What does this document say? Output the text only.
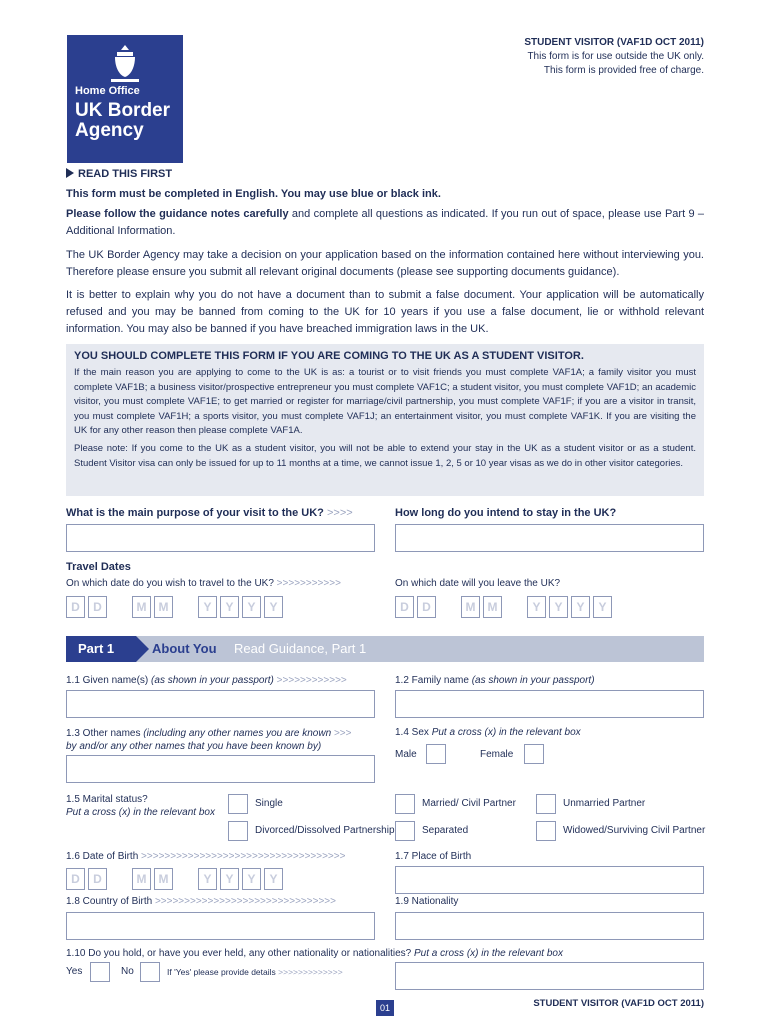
Home Office
UK Border
Agency
STUDENT VISITOR (VAF1D OCT 2011)
This form is for use outside the UK only.
This form is provided free of charge.
READ THIS FIRST
This form must be completed in English. You may use blue or black ink.
Please follow the guidance notes carefully and complete all questions as indicated. If you run out of space, please use Part 9 – Additional Information.
The UK Border Agency may take a decision on your application based on the information contained here without interviewing you. Therefore please ensure you submit all relevant original documents (please see supporting documents guidance).
It is better to explain why you do not have a document than to submit a false document. Your application will be automatically refused and you may be banned from coming to the UK for 10 years if you use a false document, lie or withhold relevant information. You may also be banned if you have breached immigration laws in the UK.
YOU SHOULD COMPLETE THIS FORM IF YOU ARE COMING TO THE UK AS A STUDENT VISITOR.
If the main reason you are applying to come to the UK is as: a tourist or to visit friends you must complete VAF1A; a family visitor you must complete VAF1B; a business visitor/prospective entrepreneur you must complete VAF1C; a student visitor, you must complete VAF1D; an academic visitor, you must complete VAF1E; to get married or register for marriage/civil partnership, you must complete VAF1F; if you are a visitor in transit, you must complete VAF1H; a sports visitor, you must complete VAF1J; an entertainment visitor, you must complete VAF1K. If you are visiting the UK for any other reason then please complete VAF1A.
Please note: If you come to the UK as a student visitor, you will not be able to extend your stay in the UK as a student visitor or as a student. Student Visitor visa can only be issued for up to 11 months at a time, we cannot issue 1, 2, 5 or 10 year visas as we do in other visitor categories.
What is the main purpose of your visit to the UK? >>>>	How long do you intend to stay in the UK?
Travel Dates
On which date do you wish to travel to the UK? >>>>>>>>>>>	On which date will you leave the UK?
D	D	M	M	Y	Y	Y	Y	D	D	M	M	Y	Y	Y	Y
Part 1	About You Read Guidance, Part 1
1.1 Given name(s) (as shown in your passport) >>>>>>>>>>>>	1.2 Family name (as shown in your passport)
1.3 Other names (including any other names you are known >>>
by and/or any other names that you have been known by)
1.4 Sex Put a cross (x) in the relevant box
Male	Female
1.5 Marital status?
Put a cross (x) in the relevant box
Single	Married/ Civil Partner	Unmarried Partner
Divorced/Dissolved Partnership	Separated	Widowed/Surviving Civil Partner
1.6 Date of Birth >>>>>>>>>>>>>>>>>>>>>>>>>>>>>>>>>>>	1.7 Place of Birth
D	D	M	M	Y	Y	Y	Y
1.8 Country of Birth >>>>>>>>>>>>>>>>>>>>>>>>>>>>>>>	1.9 Nationality
1.10 Do you hold, or have you ever held, any other nationality or nationalities? Put a cross (x) in the relevant box
Yes	No	If 'Yes' please provide details >>>>>>>>>>>>>
01	STUDENT VISITOR (VAF1D OCT 2011)
